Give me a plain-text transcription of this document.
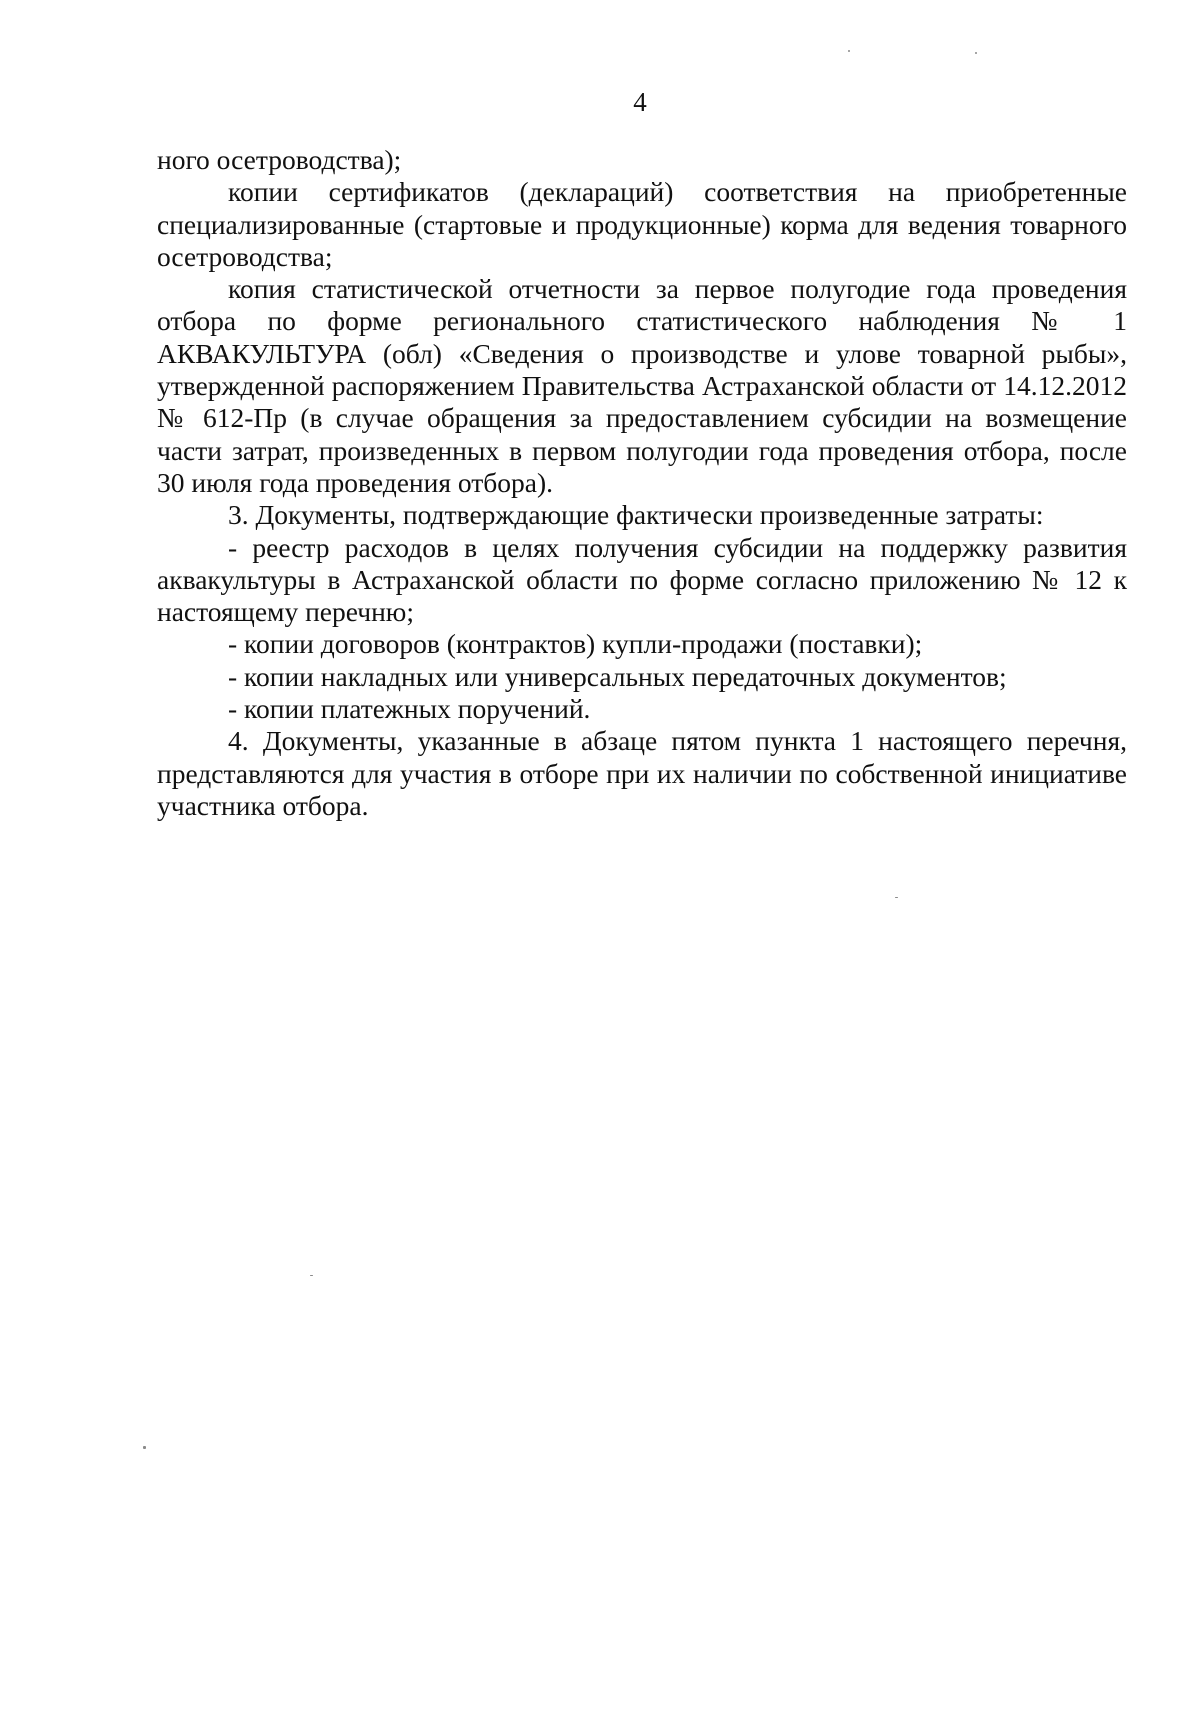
4

ного осетроводства);

копии сертификатов (деклараций) соответствия на приобретенные специализированные (стартовые и продукционные) корма для ведения товарного осетроводства;

копия статистической отчетности за первое полугодие года проведения отбора по форме регионального статистического наблюдения № 1 АКВАКУЛЬТУРА (обл) «Сведения о производстве и улове товарной рыбы», утвержденной распоряжением Правительства Астраханской области от 14.12.2012 № 612-Пр (в случае обращения за предоставлением субсидии на возмещение части затрат, произведенных в первом полугодии года проведения отбора, после 30 июля года проведения отбора).

3. Документы, подтверждающие фактически произведенные затраты:

- реестр расходов в целях получения субсидии на поддержку развития аквакультуры в Астраханской области по форме согласно приложению № 12 к настоящему перечню;

- копии договоров (контрактов) купли-продажи (поставки);

- копии накладных или универсальных передаточных документов;

- копии платежных поручений.

4. Документы, указанные в абзаце пятом пункта 1 настоящего перечня, представляются для участия в отборе при их наличии по собственной инициативе участника отбора.
